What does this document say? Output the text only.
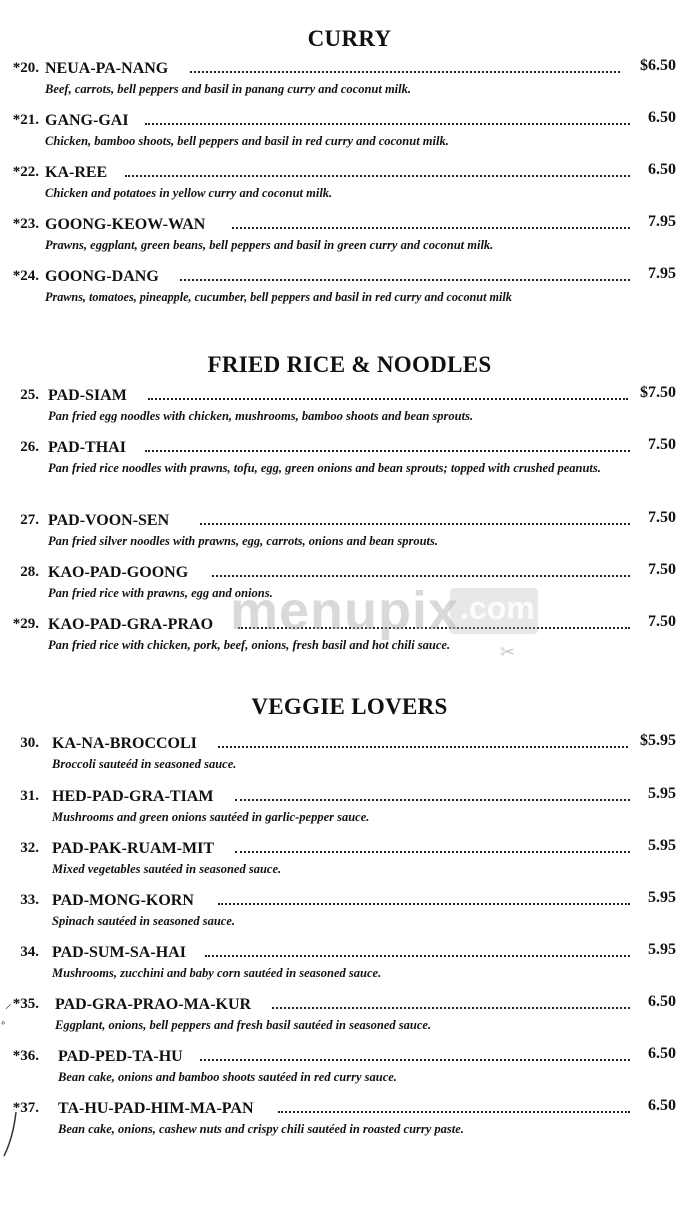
CURRY
FRIED RICE & NOODLES
VEGGIE LOVERS
*20. NEUA-PA-NANG	$6.50
Beef, carrots, bell peppers and basil in panang curry and coconut milk.
*21. GANG-GAI	6.50
Chicken, bamboo shoots, bell peppers and basil in red curry and coconut milk.
*22. KA-REE	6.50
Chicken and potatoes in yellow curry and coconut milk.
*23. GOONG-KEOW-WAN	7.95
Prawns, eggplant, green beans, bell peppers and basil in green curry and coconut milk.
*24. GOONG-DANG	7.95
Prawns, tomatoes, pineapple, cucumber, bell peppers and basil in red curry and coconut milk
25. PAD-SIAM	$7.50
Pan fried egg noodles with chicken, mushrooms, bamboo shoots and bean sprouts.
26. PAD-THAI	7.50
Pan fried rice noodles with prawns, tofu, egg, green onions and bean sprouts; topped with crushed peanuts.
27. PAD-VOON-SEN	7.50
Pan fried silver noodles with prawns, egg, carrots, onions and bean sprouts.
28. KAO-PAD-GOONG	7.50
Pan fried rice with prawns, egg and onions.
*29. KAO-PAD-GRA-PRAO	7.50
Pan fried rice with chicken, pork, beef, onions, fresh basil and hot chili sauce.
30. KA-NA-BROCCOLI	$5.95
Broccoli sauteéd in seasoned sauce.
31. HED-PAD-GRA-TIAM	5.95
Mushrooms and green onions sautéed in garlic-pepper sauce.
32. PAD-PAK-RUAM-MIT	5.95
Mixed vegetables sautéed in seasoned sauce.
33. PAD-MONG-KORN	5.95
Spinach sautéed in seasoned sauce.
34. PAD-SUM-SA-HAI	5.95
Mushrooms, zucchini and baby corn sautéed in seasoned sauce.
*35. PAD-GRA-PRAO-MA-KUR	6.50
Eggplant, onions, bell peppers and fresh basil sautéed in seasoned sauce.
*36. PAD-PED-TA-HU	6.50
Bean cake, onions and bamboo shoots sautéed in red curry sauce.
*37. TA-HU-PAD-HIM-MA-PAN	6.50
Bean cake, onions, cashew nuts and crispy chili sautéed in roasted curry paste.
 ⸝
∘
menupix .com
✂
